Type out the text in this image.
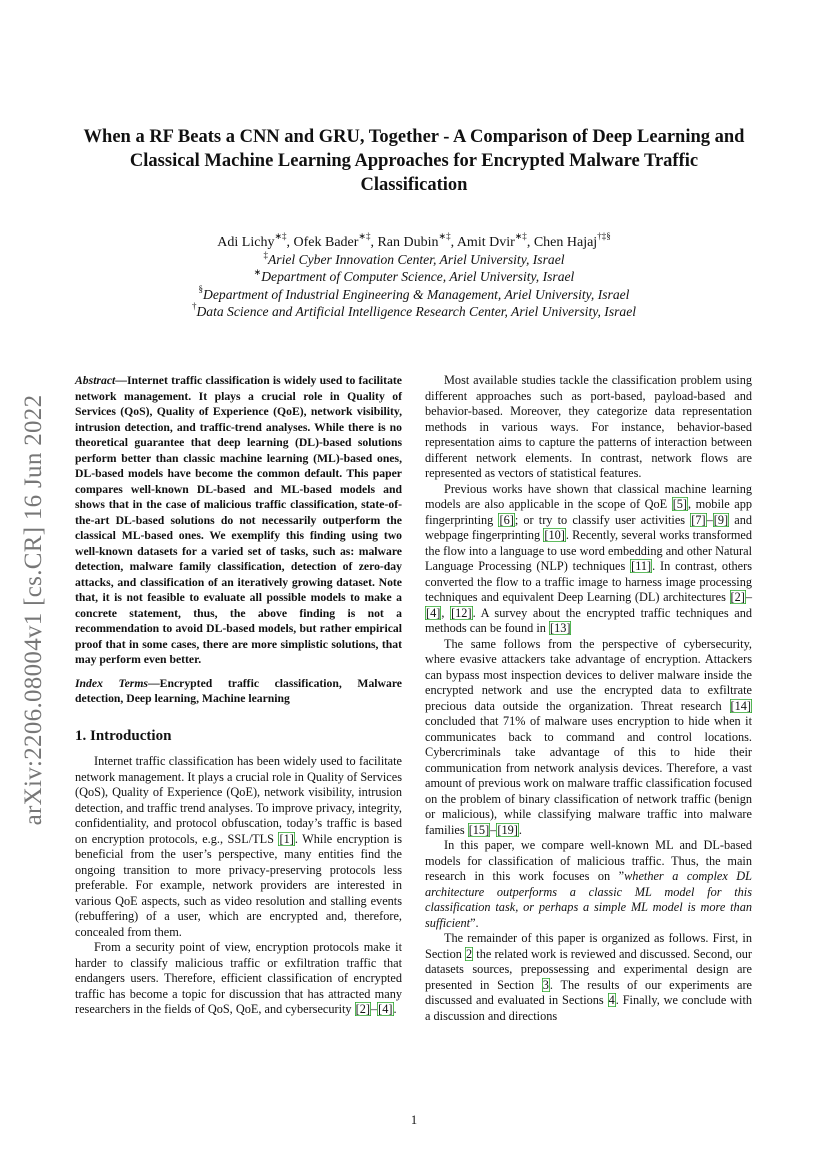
arXiv:2206.08004v1 [cs.CR] 16 Jun 2022
When a RF Beats a CNN and GRU, Together - A Comparison of Deep Learning and Classical Machine Learning Approaches for Encrypted Malware Traffic Classification
Adi Lichy∗‡, Ofek Bader∗‡, Ran Dubin∗‡, Amit Dvir∗‡, Chen Hajaj†‡§
‡Ariel Cyber Innovation Center, Ariel University, Israel
∗Department of Computer Science, Ariel University, Israel
§Department of Industrial Engineering & Management, Ariel University, Israel
†Data Science and Artificial Intelligence Research Center, Ariel University, Israel

Abstract—Internet traffic classification is widely used to facilitate network management. It plays a crucial role in Quality of Services (QoS), Quality of Experience (QoE), network visibility, intrusion detection, and traffic-trend analyses. While there is no theoretical guarantee that deep learning (DL)-based solutions perform better than classic machine learning (ML)-based ones, DL-based models have become the common default. This paper compares well-known DL-based and ML-based models and shows that in the case of malicious traffic classification, state-of-the-art DL-based solutions do not necessarily outperform the classical ML-based ones. We exemplify this finding using two well-known datasets for a varied set of tasks, such as: malware detection, malware family classification, detection of zero-day attacks, and classification of an iteratively growing dataset. Note that, it is not feasible to evaluate all possible models to make a concrete statement, thus, the above finding is not a recommendation to avoid DL-based models, but rather empirical proof that in some cases, there are more simplistic solutions, that may perform even better.

Index Terms—Encrypted traffic classification, Malware detection, Deep learning, Machine learning

1. Introduction

Internet traffic classification has been widely used to facilitate network management. It plays a crucial role in Quality of Services (QoS), Quality of Experience (QoE), network visibility, intrusion detection, and traffic trend analyses. To improve privacy, integrity, confidentiality, and protocol obfuscation, today’s traffic is based on encryption protocols, e.g., SSL/TLS [1]. While encryption is beneficial from the user’s perspective, many entities find the ongoing transition to more privacy-preserving protocols less preferable. For example, network providers are interested in various QoE aspects, such as video resolution and stalling events (rebuffering) of a user, which are encrypted and, therefore, concealed from them.

From a security point of view, encryption protocols make it harder to classify malicious traffic or exfiltration traffic that endangers users. Therefore, efficient classification of encrypted traffic has become a topic for discussion that has attracted many researchers in the fields of QoS, QoE, and cybersecurity [2]–[4].

Most available studies tackle the classification problem using different approaches such as port-based, payload-based and behavior-based. Moreover, they categorize data representation methods in various ways. For instance, behavior-based representation aims to capture the patterns of interaction between different network elements. In contrast, network flows are represented as vectors of statistical features.

Previous works have shown that classical machine learning models are also applicable in the scope of QoE [5], mobile app fingerprinting [6]; or try to classify user activities [7]–[9] and webpage fingerprinting [10]. Recently, several works transformed the flow into a language to use word embedding and other Natural Language Processing (NLP) techniques [11]. In contrast, others converted the flow to a traffic image to harness image processing techniques and equivalent Deep Learning (DL) architectures [2]–[4], [12]. A survey about the encrypted traffic techniques and methods can be found in [13]

The same follows from the perspective of cybersecurity, where evasive attackers take advantage of encryption. Attackers can bypass most inspection devices to deliver malware inside the encrypted network and use the encrypted data to exfiltrate precious data outside the organization. Threat research [14] concluded that 71% of malware uses encryption to hide when it communicates back to command and control locations. Cybercriminals take advantage of this to hide their communication from network analysis devices. Therefore, a vast amount of previous work on malware traffic classification focused on the problem of binary classification of network traffic (benign or malicious), while classifying malware traffic into malware families [15]–[19].

In this paper, we compare well-known ML and DL-based models for classification of malicious traffic. Thus, the main research in this work focuses on ”whether a complex DL architecture outperforms a classic ML model for this classification task, or perhaps a simple ML model is more than sufficient”.

The remainder of this paper is organized as follows. First, in Section 2 the related work is reviewed and discussed. Second, our datasets sources, prepossessing and experimental design are presented in Section 3. The results of our experiments are discussed and evaluated in Sections 4. Finally, we conclude with a discussion and directions

1
